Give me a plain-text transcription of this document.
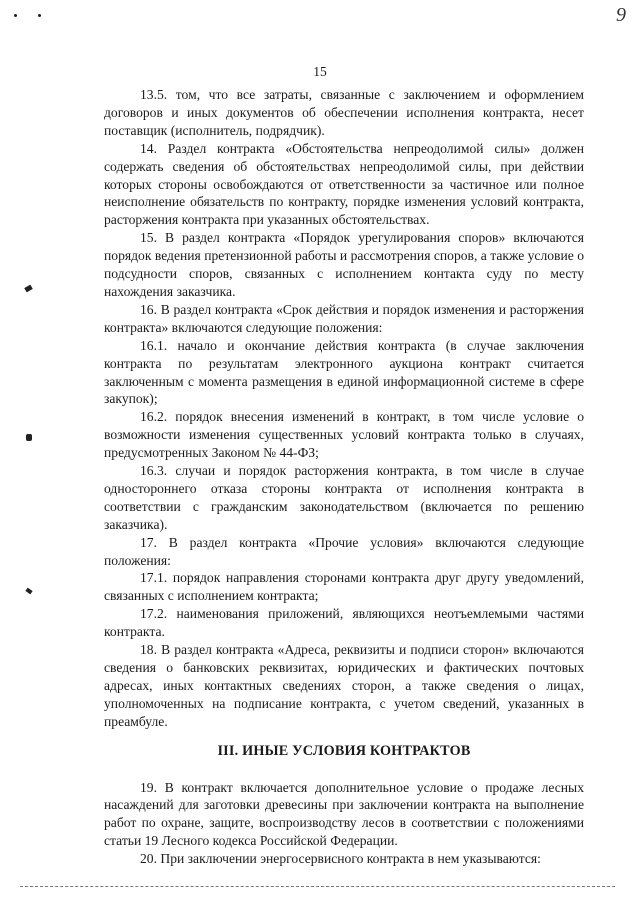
9
15

13.5. том, что все затраты, связанные с заключением и оформлением договоров и иных документов об обеспечении исполнения контракта, несет поставщик (исполнитель, подрядчик).

14. Раздел контракта «Обстоятельства непреодолимой силы» должен содержать сведения об обстоятельствах непреодолимой силы, при действии которых стороны освобождаются от ответственности за частичное или полное неисполнение обязательств по контракту, порядке изменения условий контракта, расторжения контракта при указанных обстоятельствах.

15. В раздел контракта «Порядок урегулирования споров» включаются порядок ведения претензионной работы и рассмотрения споров, а также условие о подсудности споров, связанных с исполнением контакта суду по месту нахождения заказчика.

16. В раздел контракта «Срок действия и порядок изменения и расторжения контракта» включаются следующие положения:

16.1. начало и окончание действия контракта (в случае заключения контракта по результатам электронного аукциона контракт считается заключенным с момента размещения в единой информационной системе в сфере закупок);

16.2. порядок внесения изменений в контракт, в том числе условие о возможности изменения существенных условий контракта только в случаях, предусмотренных Законом № 44-ФЗ;

16.3. случаи и порядок расторжения контракта, в том числе в случае одностороннего отказа стороны контракта от исполнения контракта в соответствии с гражданским законодательством (включается по решению заказчика).

17. В раздел контракта «Прочие условия» включаются следующие положения:

17.1. порядок направления сторонами контракта друг другу уведомлений, связанных с исполнением контракта;

17.2. наименования приложений, являющихся неотъемлемыми частями контракта.

18. В раздел контракта «Адреса, реквизиты и подписи сторон» включаются сведения о банковских реквизитах, юридических и фактических почтовых адресах, иных контактных сведениях сторон, а также сведения о лицах, уполномоченных на подписание контракта, с учетом сведений, указанных в преамбуле.

III. ИНЫЕ УСЛОВИЯ КОНТРАКТОВ

19. В контракт включается дополнительное условие о продаже лесных насаждений для заготовки древесины при заключении контракта на выполнение работ по охране, защите, воспроизводству лесов в соответствии с положениями статьи 19 Лесного кодекса Российской Федерации.

20. При заключении энергосервисного контракта в нем указываются:
